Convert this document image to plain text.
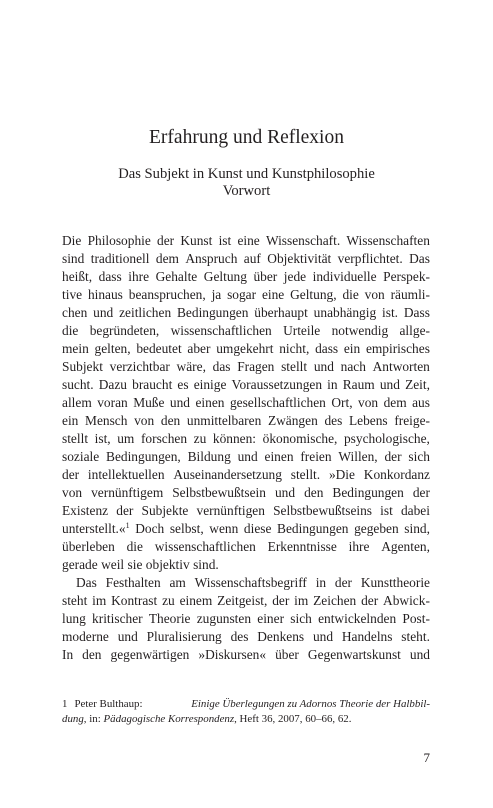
Erfahrung und Reflexion
Das Subjekt in Kunst und Kunstphilosophie
Vorwort
Die Philosophie der Kunst ist eine Wissenschaft. Wissenschaften
sind traditionell dem Anspruch auf Objektivität verpflichtet. Das
heißt, dass ihre Gehalte Geltung über jede individuelle Perspek-
tive hinaus beanspruchen, ja sogar eine Geltung, die von räumli-
chen und zeitlichen Bedingungen überhaupt unabhängig ist. Dass
die begründeten, wissenschaftlichen Urteile notwendig allge-
mein gelten, bedeutet aber umgekehrt nicht, dass ein empirisches
Subjekt verzichtbar wäre, das Fragen stellt und nach Antworten
sucht. Dazu braucht es einige Voraussetzungen in Raum und Zeit,
allem voran Muße und einen gesellschaftlichen Ort, von dem aus
ein Mensch von den unmittelbaren Zwängen des Lebens freige-
stellt ist, um forschen zu können: ökonomische, psychologische,
soziale Bedingungen, Bildung und einen freien Willen, der sich
der intellektuellen Auseinandersetzung stellt. »Die Konkordanz
von vernünftigem Selbstbewußtsein und den Bedingungen der
Existenz der Subjekte vernünftigen Selbstbewußtseins ist dabei
unterstellt.«$^1$ Doch selbst, wenn diese Bedingungen gegeben sind,
überleben die wissenschaftlichen Erkenntnisse ihre Agenten,
gerade weil sie objektiv sind.
Das Festhalten am Wissenschaftsbegriff in der Kunsttheorie
steht im Kontrast zu einem Zeitgeist, der im Zeichen der Abwick-
lung kritischer Theorie zugunsten einer sich entwickelnden Post-
moderne und Pluralisierung des Denkens und Handelns steht.
In den gegenwärtigen »Diskursen« über Gegenwartskunst und
1 Peter Bulthaup:	Einige Überlegungen zu Adornos Theorie der Halbbil-
dung , in: Pädagogische Korrespondenz , Heft 36, 2007, 60–66, 62.
7
